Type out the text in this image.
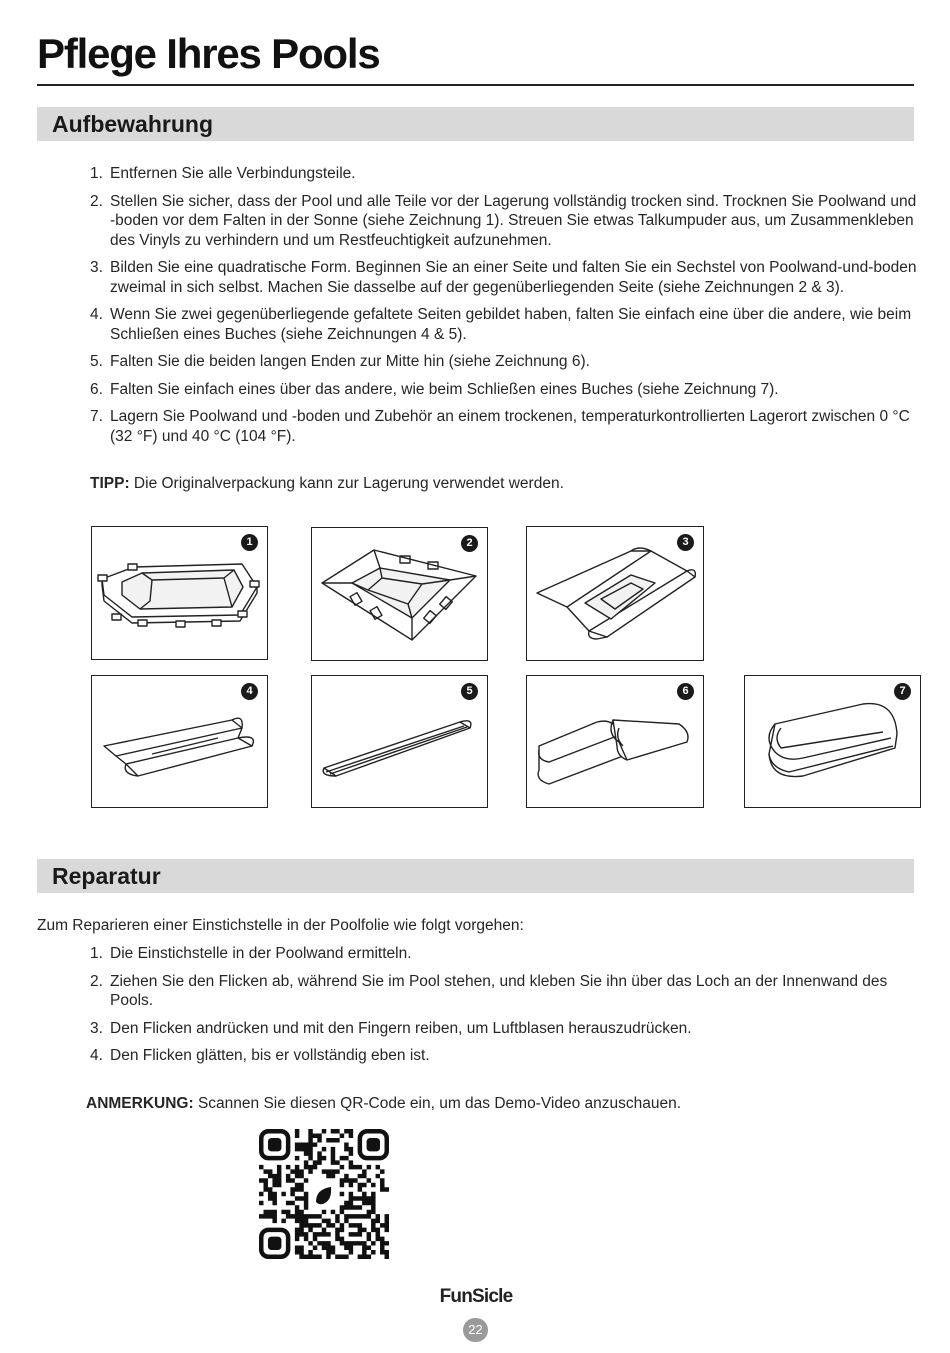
Pflege Ihres Pools
Aufbewahrung
1. Entfernen Sie alle Verbindungsteile.
2. Stellen Sie sicher, dass der Pool und alle Teile vor der Lagerung vollständig trocken sind. Trocknen Sie Poolwand und -boden vor dem Falten in der Sonne (siehe Zeichnung 1). Streuen Sie etwas Talkumpuder aus, um Zusammenkleben des Vinyls zu verhindern und um Restfeuchtigkeit aufzunehmen.
3. Bilden Sie eine quadratische Form. Beginnen Sie an einer Seite und falten Sie ein Sechstel von Poolwand-und-boden zweimal in sich selbst. Machen Sie dasselbe auf der gegenüberliegenden Seite (siehe Zeichnungen 2 & 3).
4. Wenn Sie zwei gegenüberliegende gefaltete Seiten gebildet haben, falten Sie einfach eine über die andere, wie beim Schließen eines Buches (siehe Zeichnungen 4 & 5).
5. Falten Sie die beiden langen Enden zur Mitte hin (siehe Zeichnung 6).
6. Falten Sie einfach eines über das andere, wie beim Schließen eines Buches (siehe Zeichnung 7).
7. Lagern Sie Poolwand und -boden und Zubehör an einem trockenen, temperaturkontrollierten Lagerort zwischen 0 °C (32 °F) und 40 °C (104 °F).
TIPP: Die Originalverpackung kann zur Lagerung verwendet werden.
1	2	3
4	5	6	7
Reparatur
Zum Reparieren einer Einstichstelle in der Poolfolie wie folgt vorgehen:
1. Die Einstichstelle in der Poolwand ermitteln.
2. Ziehen Sie den Flicken ab, während Sie im Pool stehen, und kleben Sie ihn über das Loch an der Innenwand des Pools.
3. Den Flicken andrücken und mit den Fingern reiben, um Luftblasen herauszudrücken.
4. Den Flicken glätten, bis er vollständig eben ist.
ANMERKUNG: Scannen Sie diesen QR-Code ein, um das Demo-Video anzuschauen.
FunSicle
22
